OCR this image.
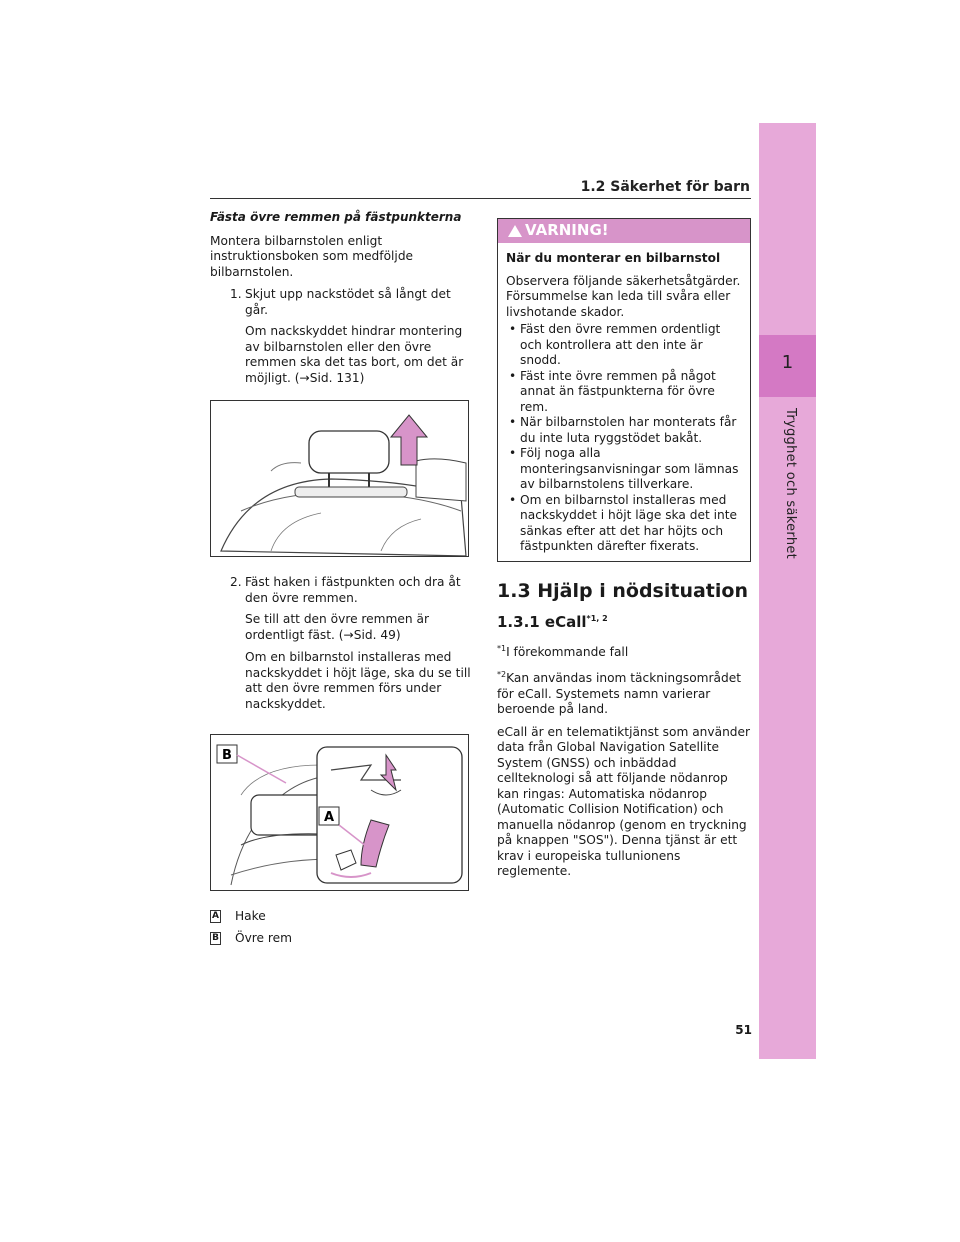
1
Trygghet och säkerhet
1.2 Säkerhet för barn

Fästa övre remmen på fästpunkterna

Montera bilbarnstolen enligt instruktionsboken som medföljde bilbarnstolen.

1. Skjut upp nackstödet så långt det går.

Om nackskyddet hindrar montering av bilbarnstolen eller den övre remmen ska det tas bort, om det är möjligt. (→Sid. 131)

2. Fäst haken i fästpunkten och dra åt den övre remmen.

Se till att den övre remmen är ordentligt fäst. (→Sid. 49)

Om en bilbarnstol installeras med nackskyddet i höjt läge, ska du se till att den övre remmen förs under nackskyddet.

B
A
A Hake
B Övre rem
VARNING!
När du monterar en bilbarnstol

Observera följande säkerhetsåtgärder. Försummelse kan leda till svåra eller livshotande skador.

• Fäst den övre remmen ordentligt och kontrollera att den inte är snodd.
• Fäst inte övre remmen på något annat än fästpunkterna för övre rem.
• När bilbarnstolen har monterats får du inte luta ryggstödet bakåt.
• Följ noga alla monteringsanvisningar som lämnas av bilbarnstolens tillverkare.
• Om en bilbarnstol installeras med nackskyddet i höjt läge ska det inte sänkas efter att det har höjts och fästpunkten därefter fixerats.
1.3 Hjälp i nödsituation
1.3.1 eCall$^{*1, 2}$

$^{*1}$I förekommande fall

$^{*2}$Kan användas inom täckningsområdet för eCall. Systemets namn varierar beroende på land.

eCall är en telematiktjänst som använder data från Global Navigation Satellite System (GNSS) och inbäddad cellteknologi så att följande nödanrop kan ringas: Automatiska nödanrop (Automatic Collision Notification) och manuella nödanrop (genom en tryckning på knappen "SOS"). Denna tjänst är ett krav i europeiska tullunionens reglemente.

51
